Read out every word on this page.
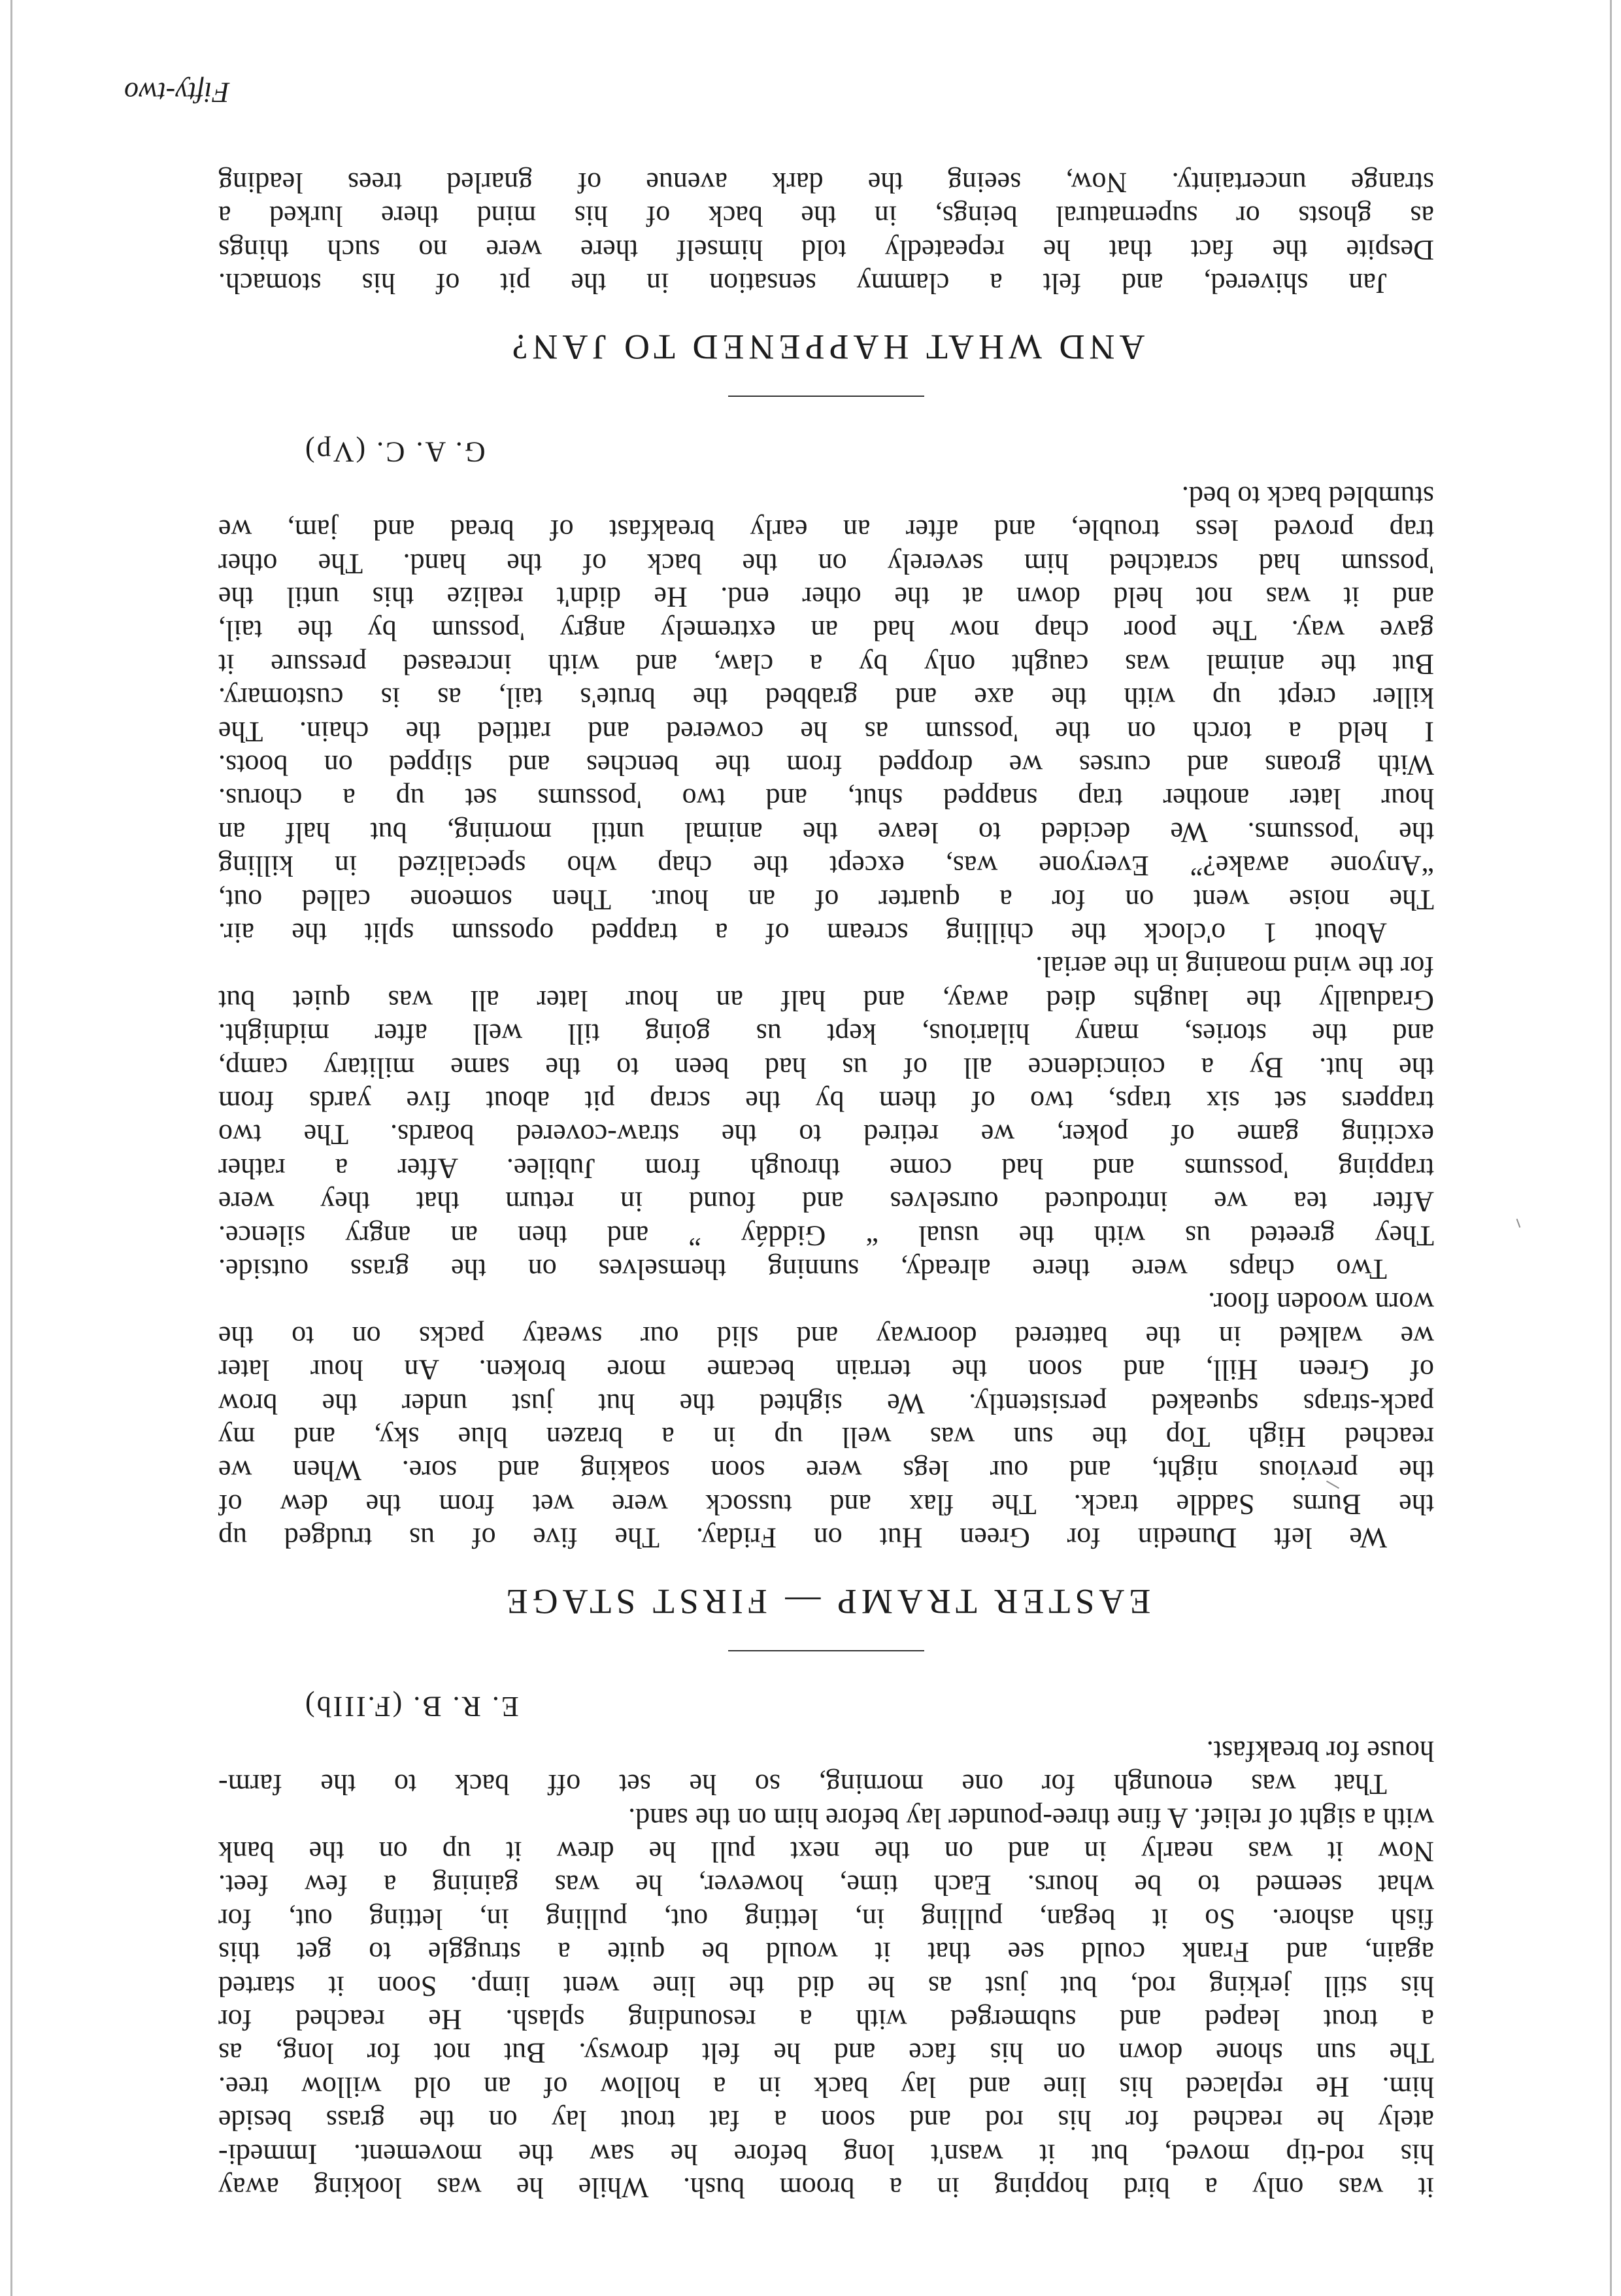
it was only a bird hopping in a broom bush. While he was looking away

his rod-tip moved, but it wasn't long before he saw the movement. Immedi-

ately he reached for his rod and soon a fat trout lay on the grass beside

him. He replaced his line and lay back in a hollow of an old willow tree.

The sun shone down on his face and he felt drowsy. But not for long, as

a trout leaped and submerged with a resounding splash. He reached for

his still jerking rod, but just as he did the line went limp. Soon it started

again, and Frank could see that it would be quite a struggle to get this

fish ashore. So it began, pulling in, letting out, pulling in, letting out, for

what seemed to be hours. Each time, however, he was gaining a few feet.

Now it was nearly in and on the next pull he drew it up on the bank

with a sight of relief. A fine three-pounder lay before him on the sand.

That was enoungh for one morning, so he set off back to the farm-

house for breakfast.

E. R. B. (F.IIIb)
EASTER TRAMP — FIRST STAGE

We left Dunedin for Green Hut on Friday. The five of us trudged up

the Burns Saddle track. The flax and tussock were wet from the dew of

the previous night, and our legs were soon soaking and sore. When we

reached High Top the sun was well up in a brazen blue sky, and my

pack-straps squeaked persistently. We sighted the hut just under the brow

of Green Hill, and soon the terrain became more broken. An hour later

we walked in the battered doorway and slid our sweaty packs on to the

worn wooden floor.

Two chaps were there already, sunning themselves on the grass outside.

They greeted us with the usual “ Giddáy ” and then an angry silence.

After tea we introduced ourselves and found in return that they were

trapping 'possums and had come through from Jubilee. After a rather

exciting game of poker, we retired to the straw-covered boards. The two

trappers set six traps, two of them by the scrap pit about five yards from

the hut. By a coincidence all of us had been to the same military camp,

and the stories, many hilarious, kept us going till well after midnight.

Gradually the laughs died away, and half an hour later all was quiet but

for the wind moaning in the aerial.

About 1 o'clock the chilling scream of a trapped opossum split the air.

The noise went on for a quarter of an hour. Then someone called out,

“Anyone awake?” Everyone was, except the chap who specialized in killing

the 'possums. We decided to leave the animal until morning, but half an

hour later another trap snapped shut, and two 'possums set up a chorus.

With groans and curses we dropped from the benches and slipped on boots.

I held a torch on the 'possum as he cowered and rattled the chain. The

killer crept up with the axe and grabbed the brute's tail, as is customary.

But the animal was caught only by a claw, and with increased pressure it

gave way. The poor chap now had an extremely angry 'possum by the tail,

and it was not held down at the other end. He didn't realize this until the

'possum had scratched him severely on the back of the hand. The other

trap proved less trouble, and after an early breakfast of bread and jam, we

stumbled back to bed.

G. A. C. (Vp)
AND WHAT HAPPENED TO JAN?

Jan shivered, and felt a clammy sensation in the pit of his stomach.

Despite the fact that he repeatedly told himself there were no such things

as ghosts or supernatural beings, in the back of his mind there lurked a

strange uncertainty. Now, seeing the dark avenue of gnarled trees leading

Fifty-two
